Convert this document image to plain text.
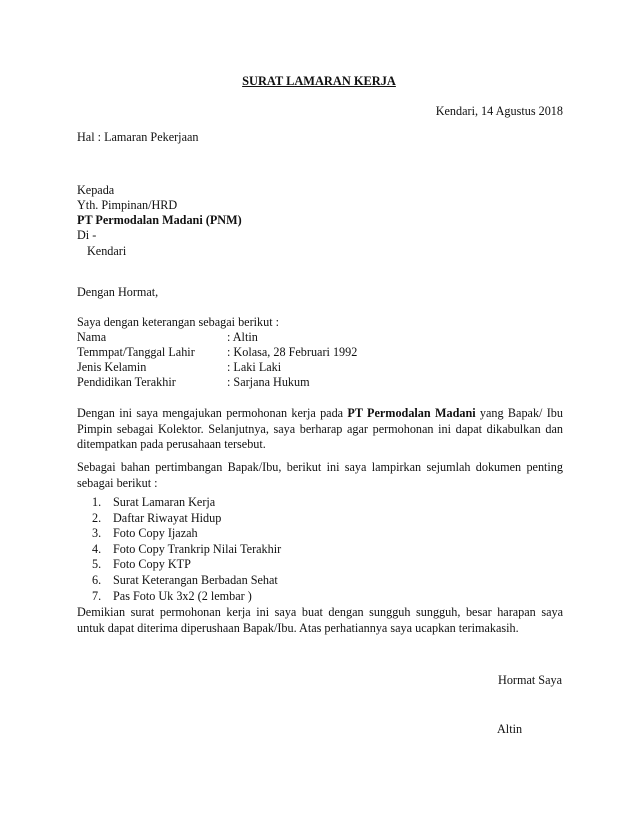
SURAT LAMARAN KERJA
Kendari, 14 Agustus 2018
Hal : Lamaran Pekerjaan
Kepada
Yth. Pimpinan/HRD
PT Permodalan Madani (PNM)
Di -
Kendari
Dengan Hormat,
Saya dengan keterangan sebagai berikut :
Nama	: Altin
Temmpat/Tanggal Lahir	: Kolasa, 28 Februari 1992
Jenis Kelamin	: Laki Laki
Pendidikan Terakhir	: Sarjana Hukum
Dengan ini saya mengajukan permohonan kerja pada PT Permodalan Madani yang Bapak/ Ibu Pimpin sebagai Kolektor. Selanjutnya, saya berharap agar permohonan ini dapat dikabulkan dan ditempatkan pada perusahaan tersebut.
Sebagai bahan pertimbangan Bapak/Ibu, berikut ini saya lampirkan sejumlah dokumen penting sebagai berikut :
1. Surat Lamaran Kerja
2. Daftar Riwayat Hidup
3. Foto Copy Ijazah
4. Foto Copy Trankrip Nilai Terakhir
5. Foto Copy KTP
6. Surat Keterangan Berbadan Sehat
7. Pas Foto Uk 3x2 (2 lembar )
Demikian surat permohonan kerja ini saya buat dengan sungguh sungguh, besar harapan saya untuk dapat diterima diperushaan Bapak/Ibu. Atas perhatiannya saya ucapkan terimakasih.
Hormat Saya
Altin
